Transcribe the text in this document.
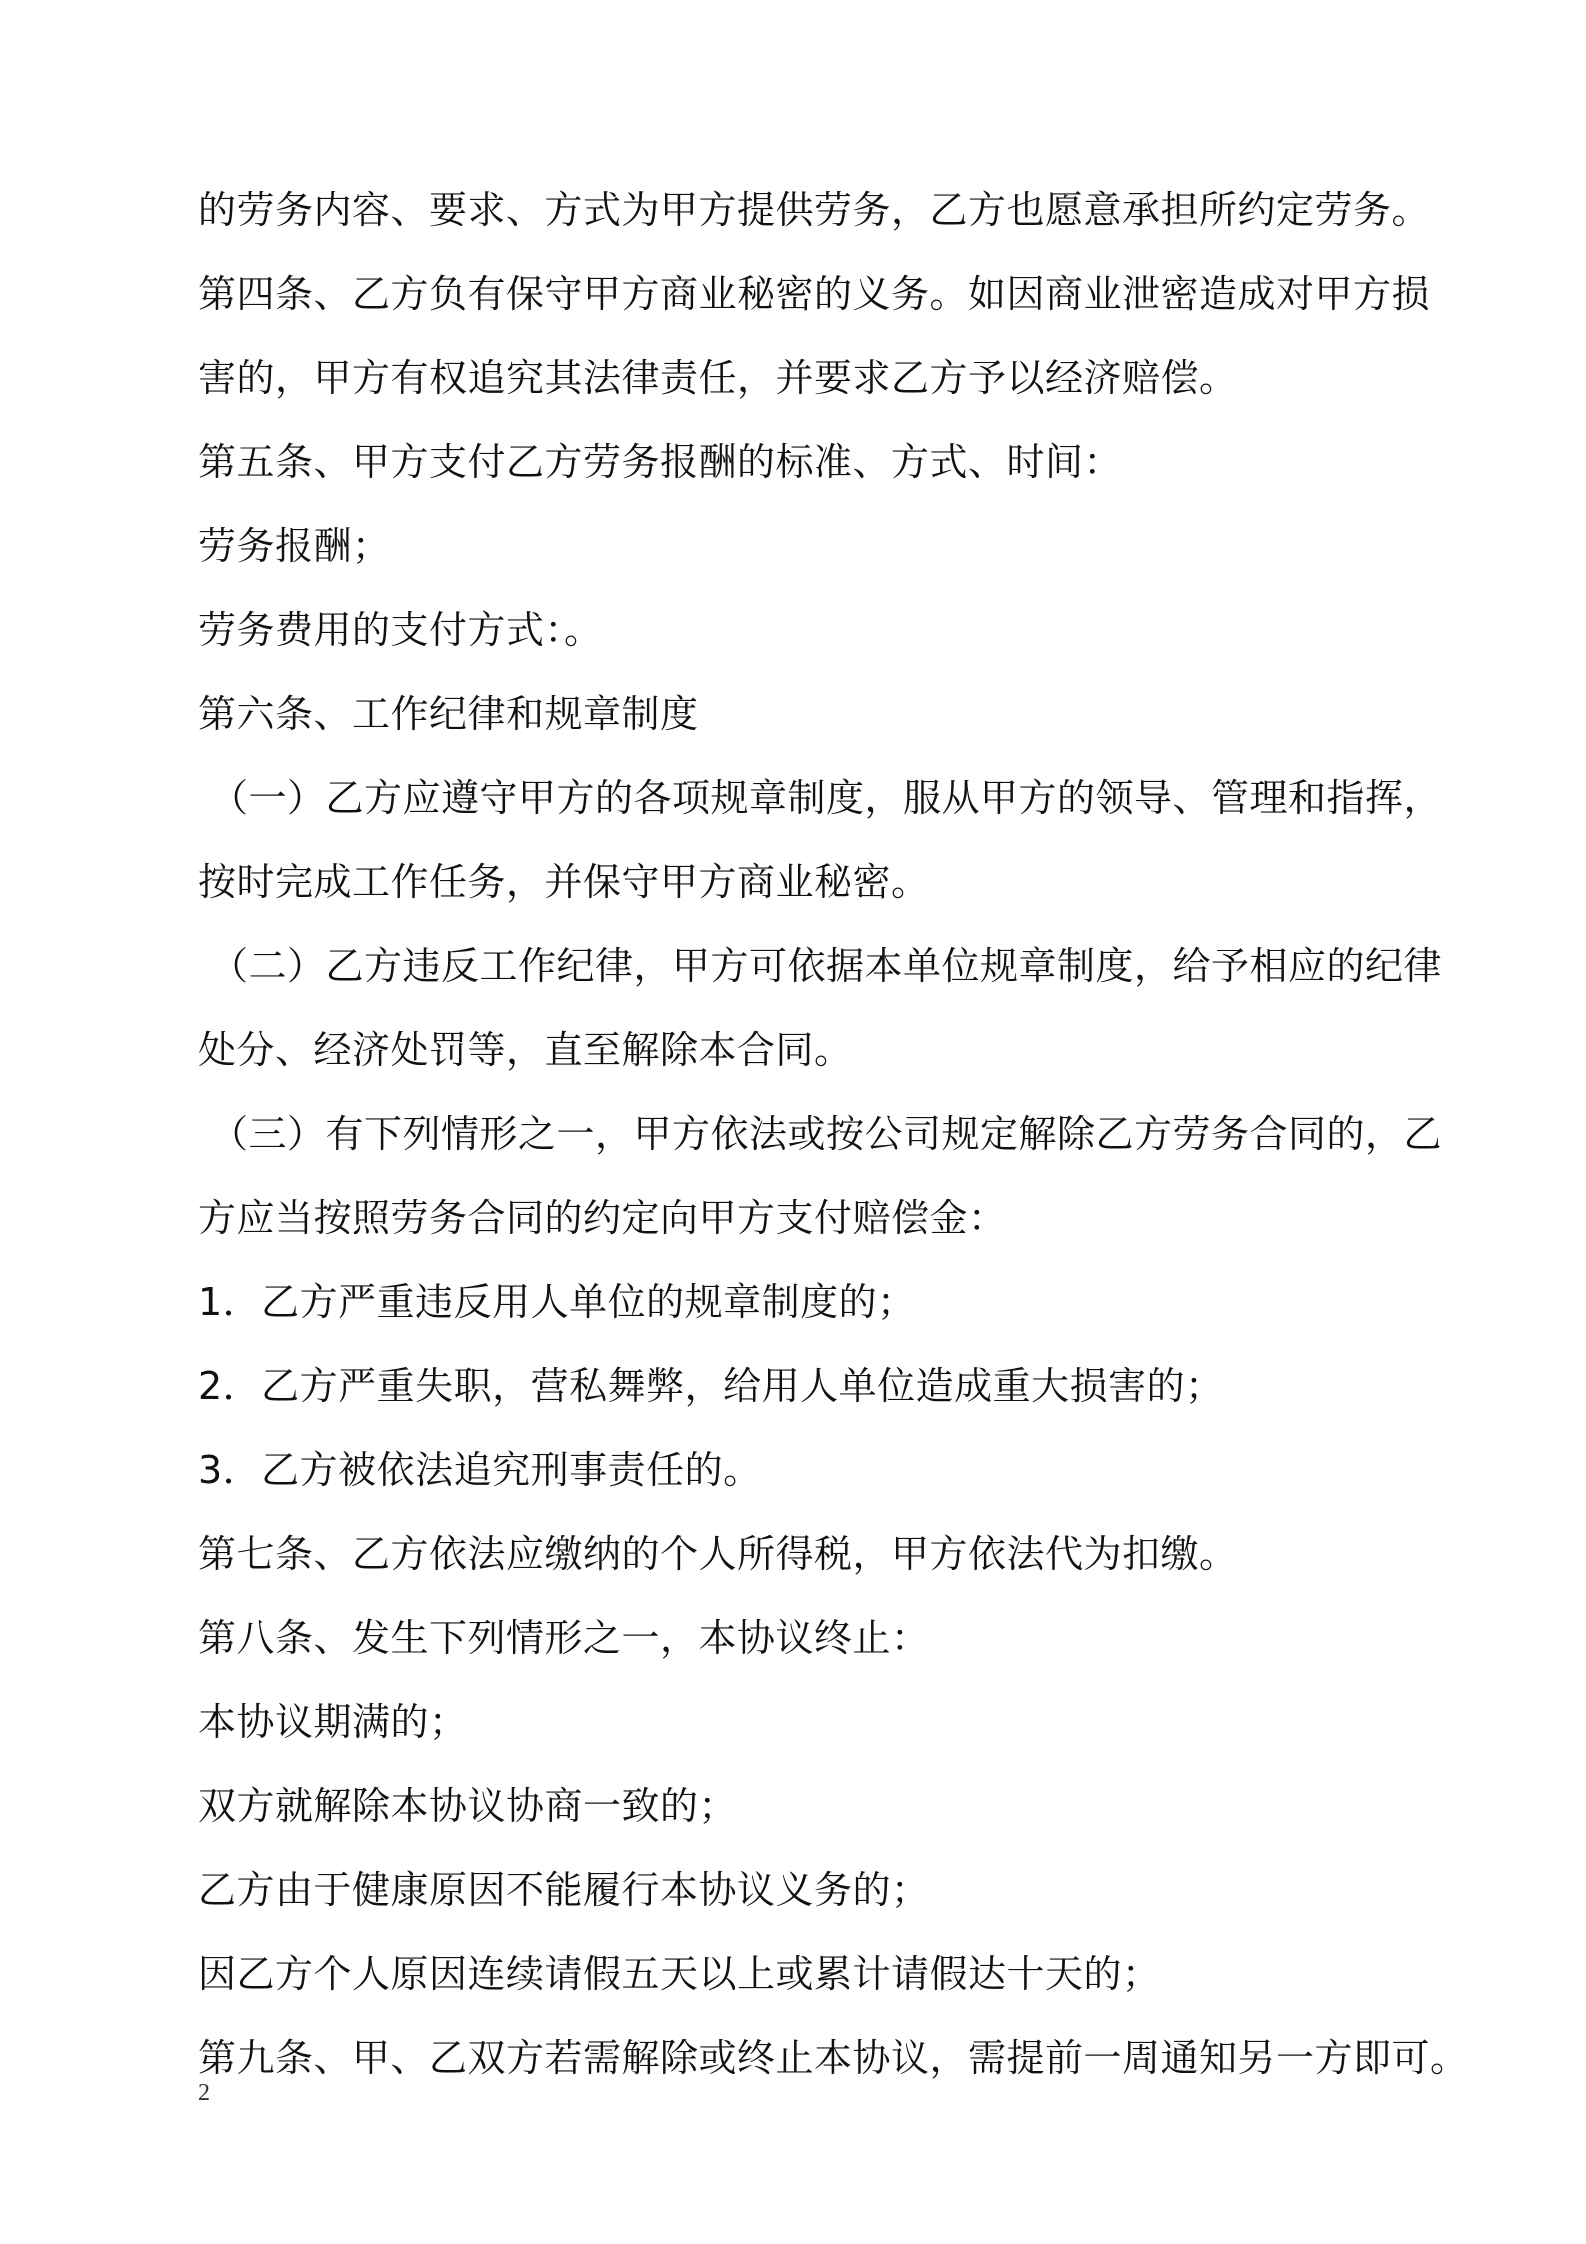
的劳务内容、要求、方式为甲方提供劳务，乙方也愿意承担所约定劳务。
第四条、乙方负有保守甲方商业秘密的义务。如因商业泄密造成对甲方损
害的，甲方有权追究其法律责任，并要求乙方予以经济赔偿。
第五条、甲方支付乙方劳务报酬的标准、方式、时间：
劳务报酬；
劳务费用的支付方式：。
第六条、工作纪律和规章制度
（一）乙方应遵守甲方的各项规章制度，服从甲方的领导、管理和指挥，
按时完成工作任务，并保守甲方商业秘密。
（二）乙方违反工作纪律，甲方可依据本单位规章制度，给予相应的纪律
处分、经济处罚等，直至解除本合同。
（三）有下列情形之一，甲方依法或按公司规定解除乙方劳务合同的，乙
方应当按照劳务合同的约定向甲方支付赔偿金：
1．乙方严重违反用人单位的规章制度的；
2．乙方严重失职，营私舞弊，给用人单位造成重大损害的；
3．乙方被依法追究刑事责任的。
第七条、乙方依法应缴纳的个人所得税，甲方依法代为扣缴。
第八条、发生下列情形之一，本协议终止：
本协议期满的；
双方就解除本协议协商一致的；
乙方由于健康原因不能履行本协议义务的；
因乙方个人原因连续请假五天以上或累计请假达十天的；
第九条、甲、乙双方若需解除或终止本协议，需提前一周通知另一方即可。
2
